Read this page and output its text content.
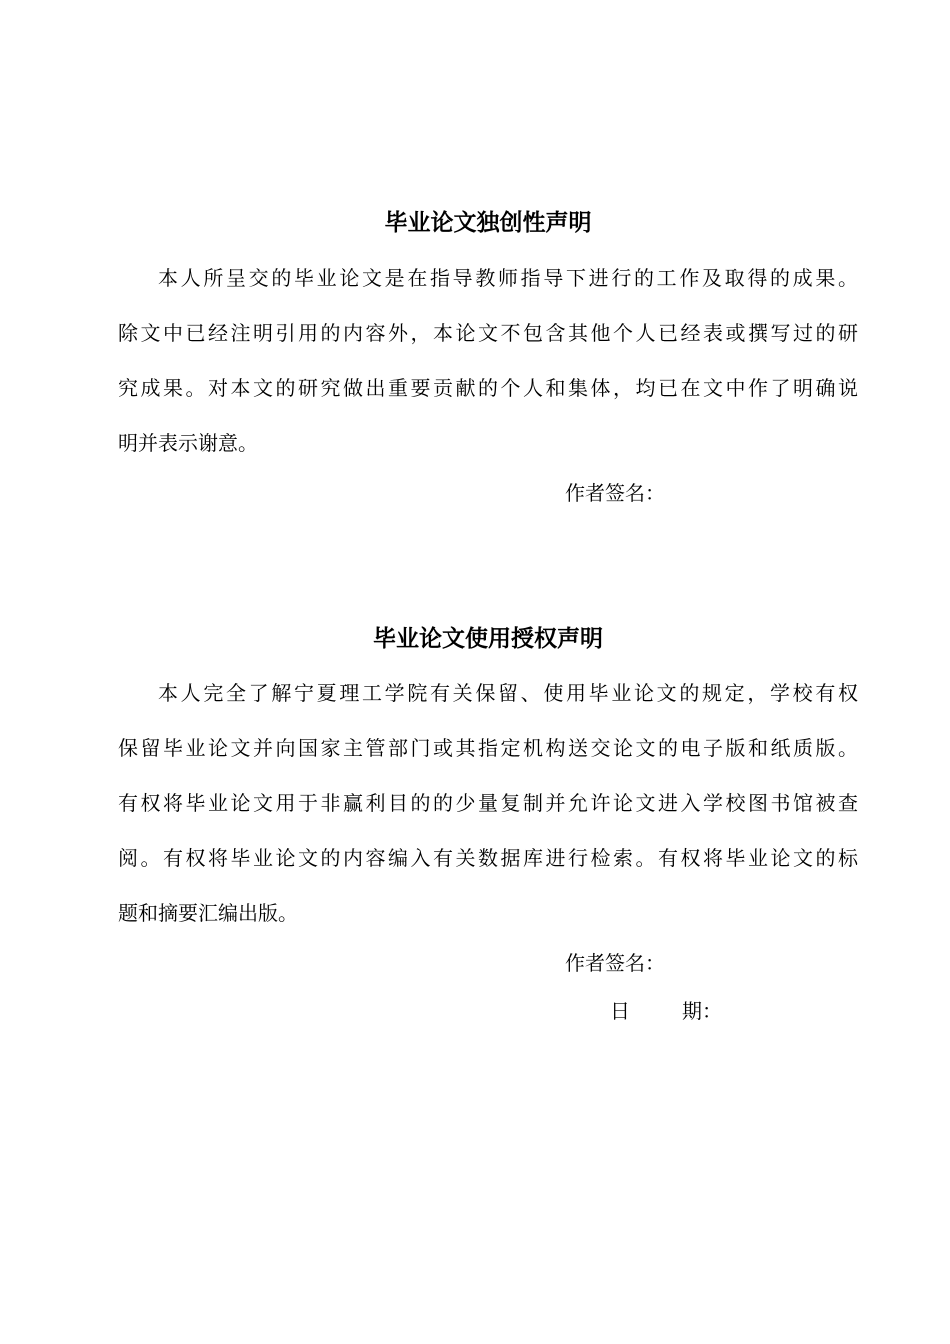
毕业论文独创性声明

本人所呈交的毕业论文是在指导教师指导下进行的工作及取得的成果。
除文中已经注明引用的内容外，本论文不包含其他个人已经表或撰写过的研
究成果。对本文的研究做出重要贡献的个人和集体，均已在文中作了明确说
明并表示谢意。

作者签名：
毕业论文使用授权声明

本人完全了解宁夏理工学院有关保留、使用毕业论文的规定，学校有权
保留毕业论文并向国家主管部门或其指定机构送交论文的电子版和纸质版。
有权将毕业论文用于非赢利目的的少量复制并允许论文进入学校图书馆被查
阅。有权将毕业论文的内容编入有关数据库进行检索。有权将毕业论文的标
题和摘要汇编出版。

作者签名：
日	期：
